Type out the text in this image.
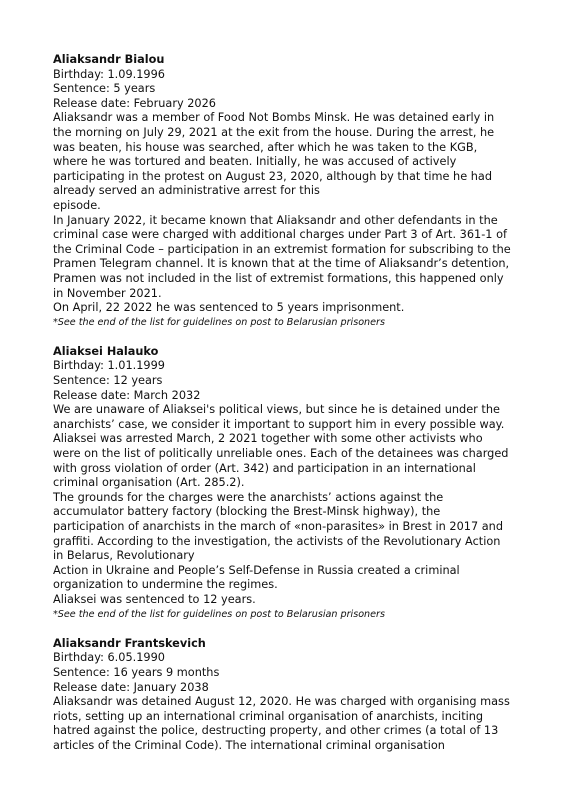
Aliaksandr Bialou

Birthday: 1.09.1996

Sentence: 5 years

Release date: February 2026

Aliaksandr was a member of Food Not Bombs Minsk. He was detained early in the morning on July 29, 2021 at the exit from the house. During the arrest, he was beaten, his house was searched, after which he was taken to the KGB, where he was tortured and beaten. Initially, he was accused of actively participating in the protest on August 23, 2020, although by that time he had already served an administrative arrest for this

episode.

In January 2022, it became known that Aliaksandr and other defendants in the criminal case were charged with additional charges under Part 3 of Art. 361-1 of the Criminal Code – participation in an extremist formation for subscribing to the Pramen Telegram channel. It is known that at the time of Aliaksandr’s detention, Pramen was not included in the list of extremist formations, this happened only in November 2021.

On April, 22 2022 he was sentenced to 5 years imprisonment.

*See the end of the list for guidelines on post to Belarusian prisoners

Aliaksei Halauko

Birthday: 1.01.1999

Sentence: 12 years

Release date: March 2032

We are unaware of Aliaksei's political views, but since he is detained under the anarchists’ case, we consider it important to support him in every possible way. Aliaksei was arrested March, 2 2021 together with some other activists who were on the list of politically unreliable ones. Each of the detainees was charged with gross violation of order (Art. 342) and participation in an international criminal organisation (Art. 285.2).

The grounds for the charges were the anarchists’ actions against the accumulator battery factory (blocking the Brest-Minsk highway), the participation of anarchists in the march of «non-parasites» in Brest in 2017 and graffiti. According to the investigation, the activists of the Revolutionary Action in Belarus, Revolutionary

Action in Ukraine and People’s Self-Defense in Russia created a criminal organization to undermine the regimes.

Aliaksei was sentenced to 12 years.

*See the end of the list for guidelines on post to Belarusian prisoners

Aliaksandr Frantskevich

Birthday: 6.05.1990

Sentence: 16 years 9 months

Release date: January 2038

Aliaksandr was detained August 12, 2020. He was charged with organising mass riots, setting up an international criminal organisation of anarchists, inciting hatred against the police, destructing property, and other crimes (a total of 13 articles of the Criminal Code). The international criminal organisation
